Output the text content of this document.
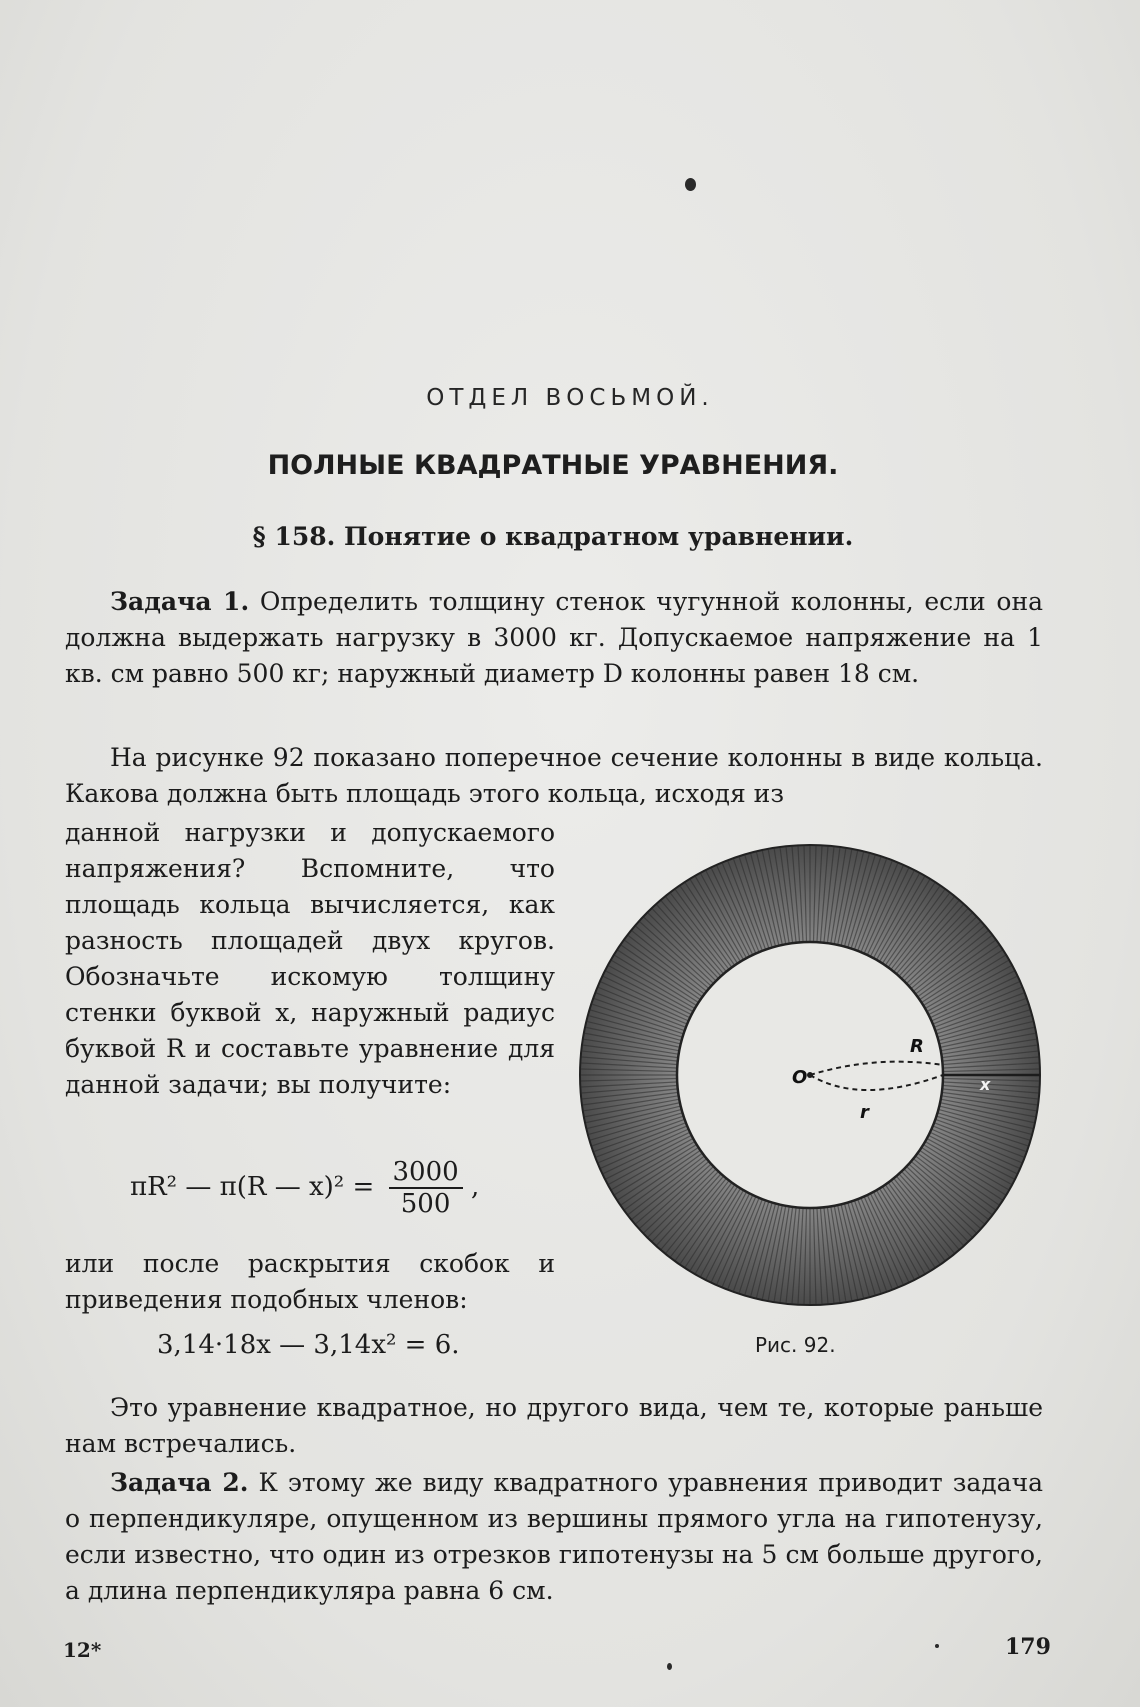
ОТДЕЛ ВОСЬМОЙ.
ПОЛНЫЕ КВАДРАТНЫЕ УРАВНЕНИЯ.
§ 158. Понятие о квадратном уравнении.
Задача 1. Определить толщину стенок чугунной колонны, если она должна выдержать нагрузку в 3000 кг. Допускаемое напряжение на 1 кв. см равно 500 кг; наружный диаметр D колонны равен 18 см.
На рисунке 92 показано поперечное сечение колонны в виде кольца. Какова должна быть площадь этого кольца, исходя из
данной нагрузки и допускаемого напряжения? Вспомните, что площадь кольца вычисляется, как разность площадей двух кругов. Обозначьте искомую толщину стенки буквой x, наружный радиус буквой R и составьте уравнение для данной задачи; вы получите:
πR² — π(R — $x)^2 = \frac{3000}{500}$ ,
или после раскрытия скобок и приведения подобных членов:
3,14·18x — 3,14x² = 6.
O
R
r
x
Рис. 92.
Это уравнение квадратное, но другого вида, чем те, которые раньше нам встречались.
Задача 2. К этому же виду квадратного уравнения приводит задача о перпендикуляре, опущенном из вершины прямого угла на гипотенузу, если известно, что один из отрезков гипотенузы на 5 см больше другого, а длина перпендикуляра равна 6 см.
12*	179
